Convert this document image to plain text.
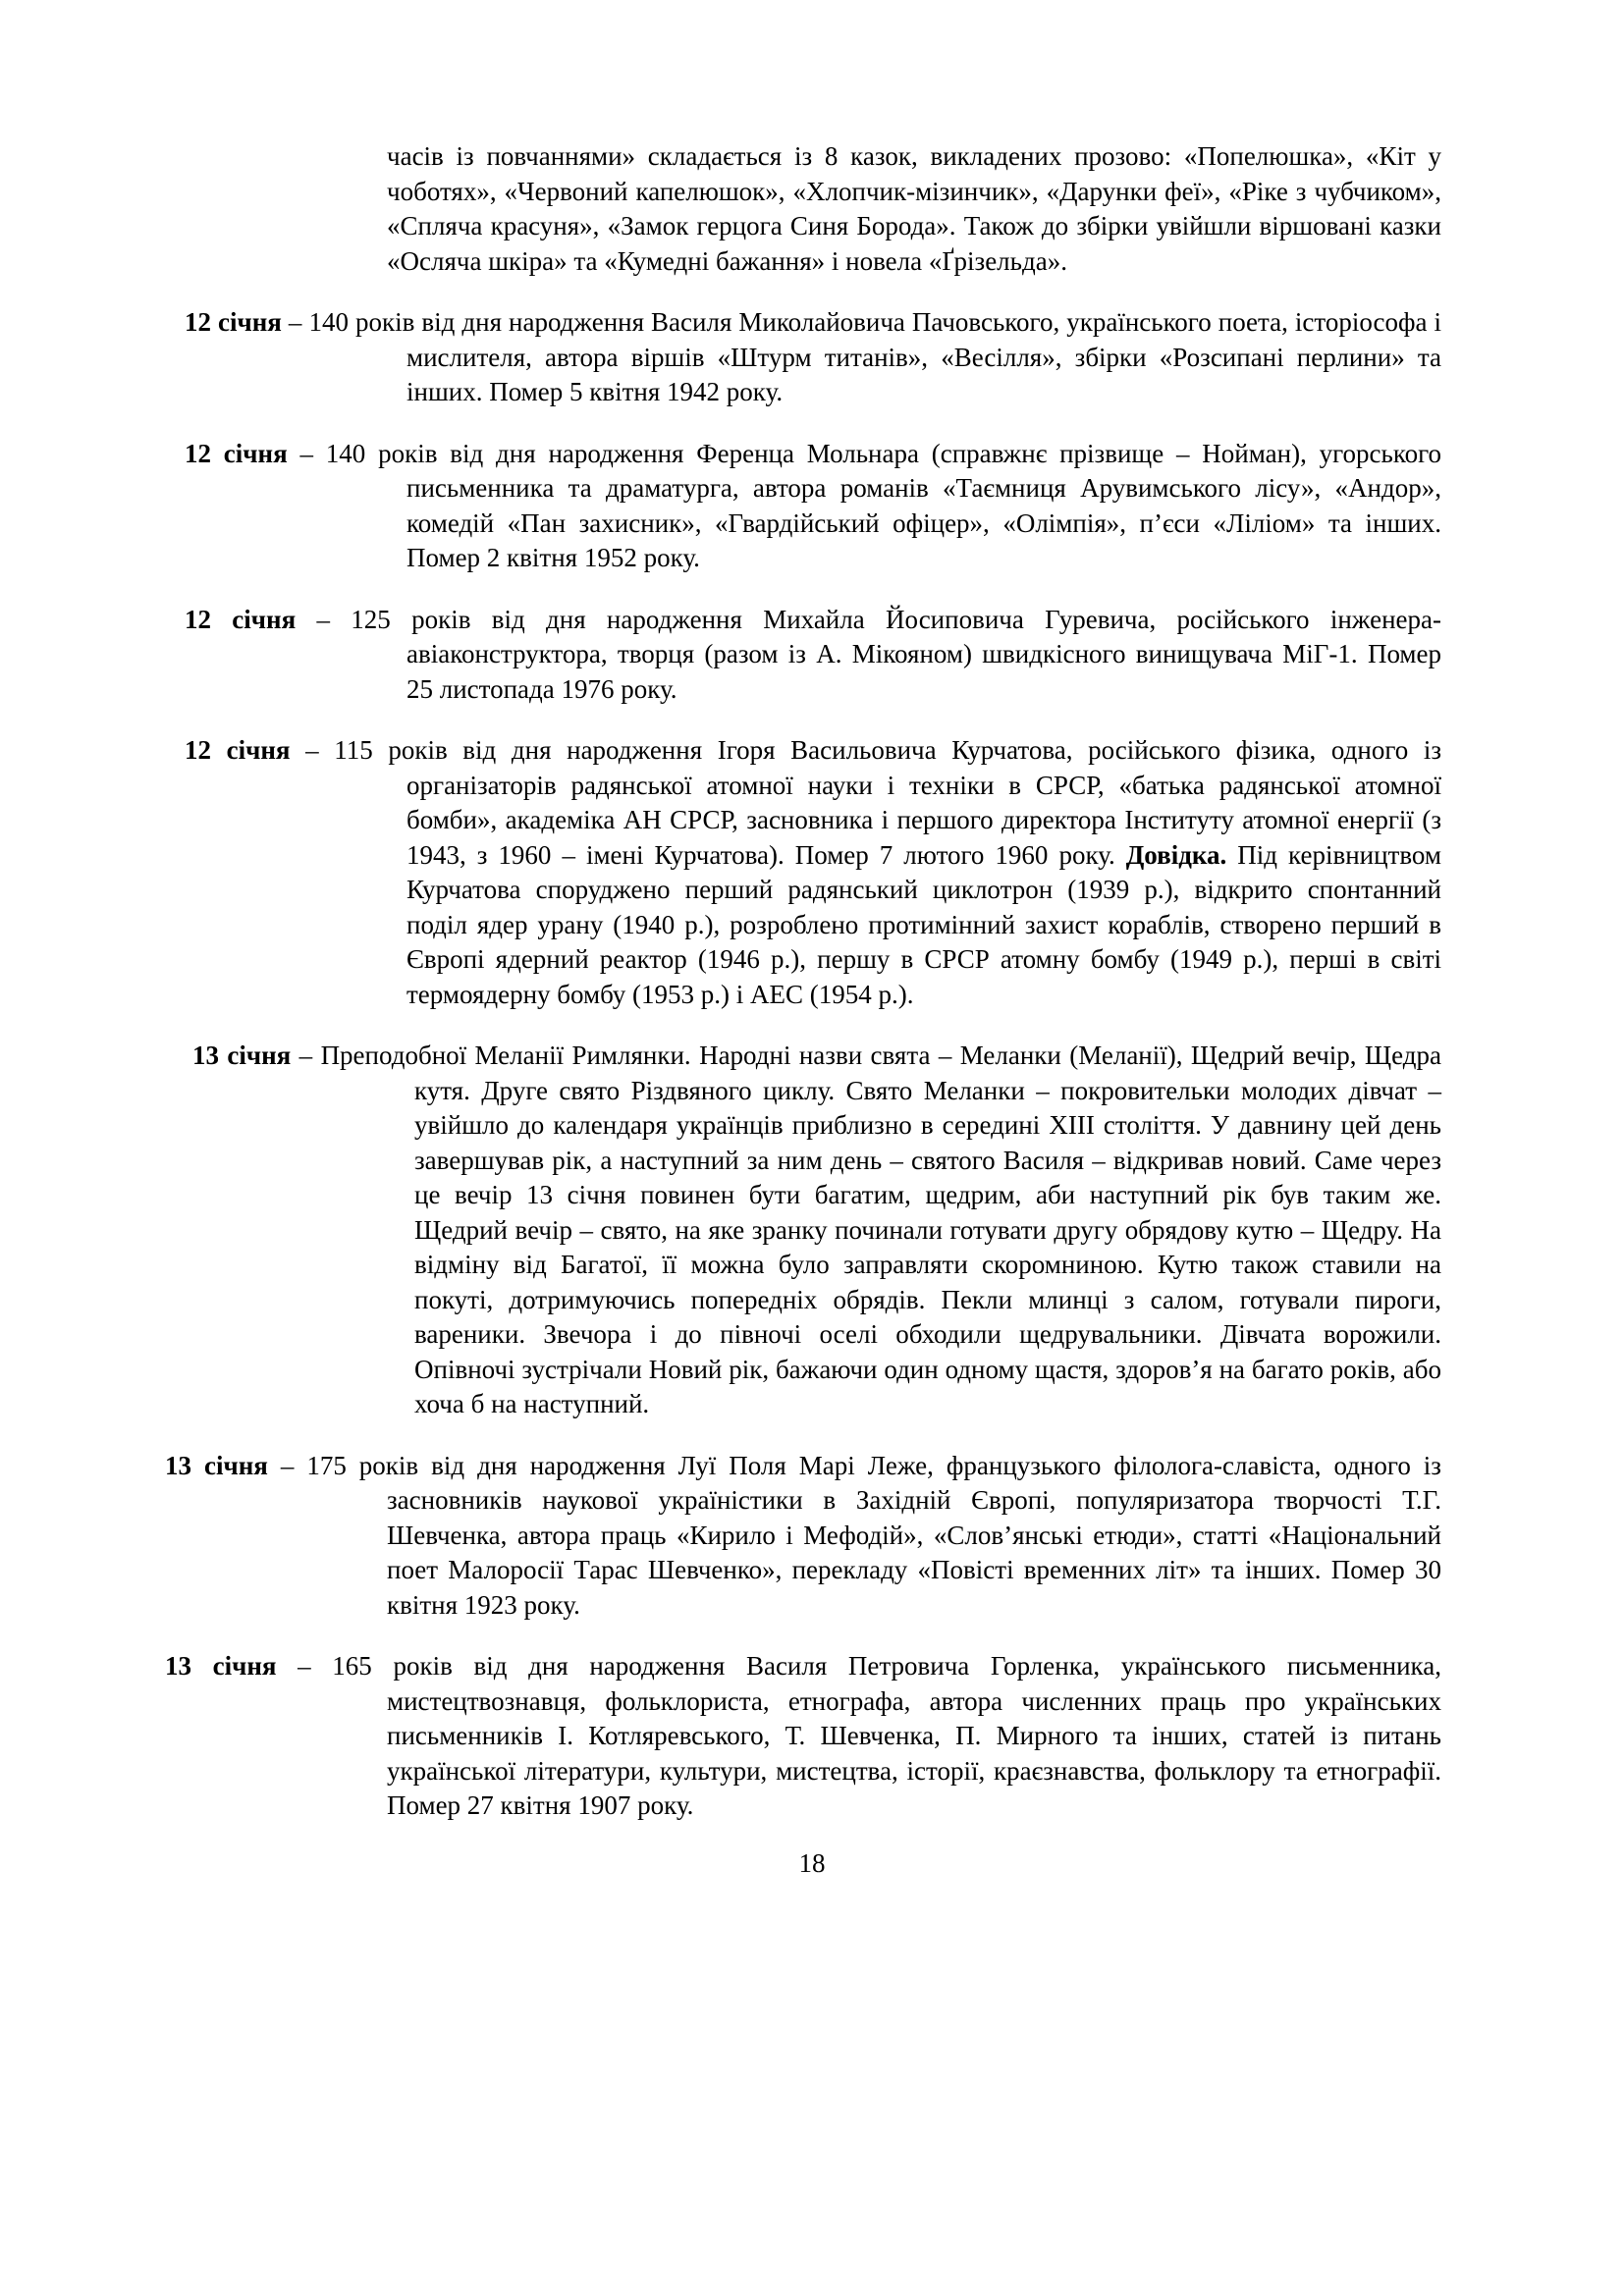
часів із повчаннями» складається із 8 казок, викладених прозово: «Попелюшка», «Кіт у чоботях», «Червоний капелюшок», «Хлопчик-мізинчик», «Дарунки феї», «Ріке з чубчиком», «Спляча красуня», «Замок герцога Синя Борода». Також до збірки увійшли віршовані казки «Ослячa шкіра» та «Кумедні бажання» і новела «Ґрізельда».

12 січня – 140 років від дня народження Василя Миколайовича Пачовського, українського поета, історіософа і мислителя, автора віршів «Штурм титанів», «Весілля», збірки «Розсипані перлини» та інших. Помер 5 квітня 1942 року.

12 січня – 140 років від дня народження Ференца Мольнара (справжнє прізвище – Нойман), угорського письменника та драматурга, автора романів «Таємниця Арувимського лісу», «Андор», комедій «Пан захисник», «Гвардійський офіцер», «Олімпія», п’єси «Ліліом» та інших. Помер 2 квітня 1952 року.

12 січня – 125 років від дня народження Михайла Йосиповича Гуревича, російського інженера-авіаконструктора, творця (разом із А. Мікояном) швидкісного винищувача МіГ-1. Помер 25 листопада 1976 року.

12 січня – 115 років від дня народження Ігоря Васильовича Курчатова, російського фізика, одного із організаторів радянської атомної науки і техніки в СРСР, «батька радянської атомної бомби», академіка АН СРСР, засновника і першого директора Інституту атомної енергії (з 1943, з 1960 – імені Курчатова). Помер 7 лютого 1960 року. Довідка. Під керівництвом Курчатова споруджено перший радянський циклотрон (1939 р.), відкрито спонтанний поділ ядер урану (1940 р.), розроблено протимінний захист кораблів, створено перший в Європі ядерний реактор (1946 р.), першу в СРСР атомну бомбу (1949 р.), перші в світі термоядерну бомбу (1953 р.) і АЕС (1954 р.).

13 січня – Преподобної Меланії Римлянки. Народні назви свята – Меланки (Меланії), Щедрий вечір, Щедра кутя. Друге свято Різдвяного циклу. Свято Меланки – покровительки молодих дівчат – увійшло до календаря українців приблизно в середині XIII століття. У давнину цей день завершував рік, а наступний за ним день – святого Василя – відкривав новий. Саме через це вечір 13 січня повинен бути багатим, щедрим, аби наступний рік був таким же. Щедрий вечір – свято, на яке зранку починали готувати другу обрядову кутю – Щедру. На відміну від Багатої, її можна було заправляти скоромниною. Кутю також ставили на покуті, дотримуючись попередніх обрядів. Пекли млинці з салом, готували пироги, вареники. Звечора і до півночі оселі обходили щедрувальники. Дівчата ворожили. Опівночі зустрічали Новий рік, бажаючи один одному щастя, здоров’я на багато років, або хоча б на наступний.

13 січня – 175 років від дня народження Луї Поля Марі Леже, французького філолога-славіста, одного із засновників наукової україністики в Західній Європі, популяризатора творчості Т.Г. Шевченка, автора праць «Кирило і Мефодій», «Слов’янські етюди», статті «Національний поет Малоросії Тарас Шевченко», перекладу «Повісті временних літ» та інших. Помер 30 квітня 1923 року.

13 січня – 165 років від дня народження Василя Петровича Горленка, українського письменника, мистецтвознавця, фольклориста, етнографа, автора численних праць про українських письменників І. Котляревського, Т. Шевченка, П. Мирного та інших, статей із питань української літератури, культури, мистецтва, історії, краєзнавства, фольклору та етнографії. Помер 27 квітня 1907 року.

18
